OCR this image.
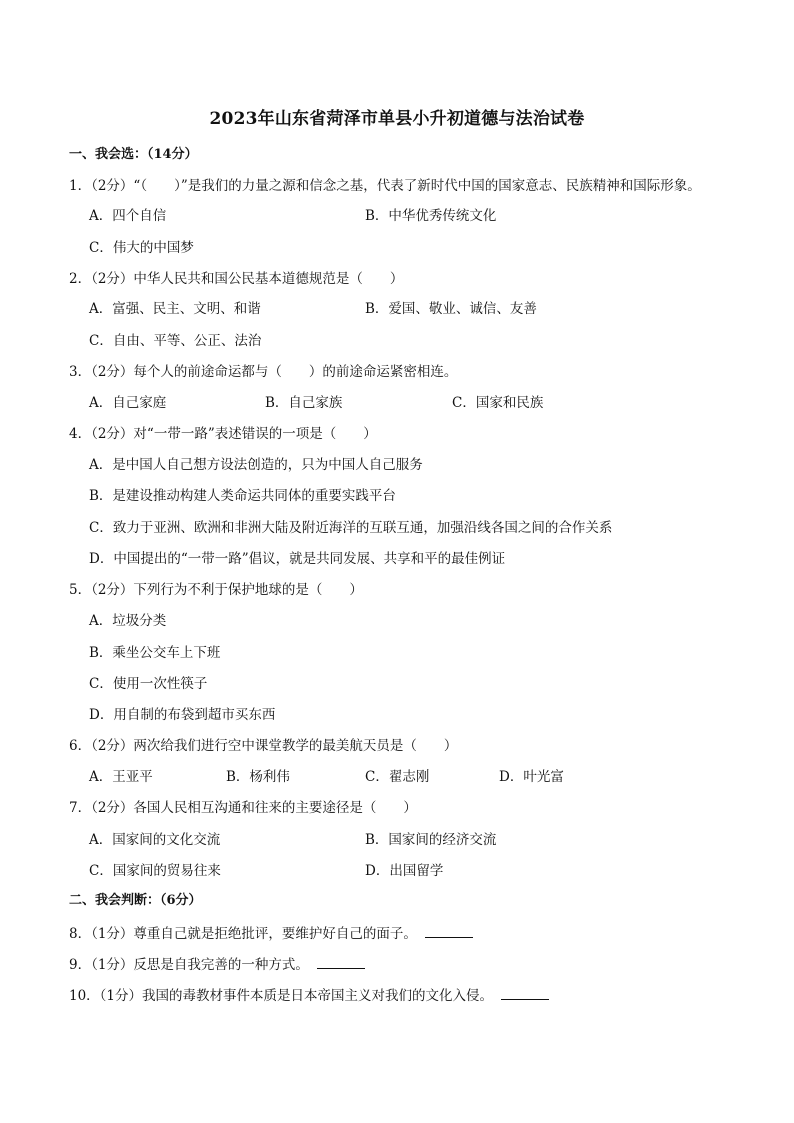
2023年山东省菏泽市单县小升初道德与法治试卷
一、我会选：（14分）
1．（2分）“（　　）”是我们的力量之源和信念之基，代表了新时代中国的国家意志、民族精神和国际形象。
A．四个自信	B．中华优秀传统文化
C．伟大的中国梦
2．（2分）中华人民共和国公民基本道德规范是（　　）
A．富强、民主、文明、和谐	B．爱国、敬业、诚信、友善
C．自由、平等、公正、法治
3．（2分）每个人的前途命运都与（　　）的前途命运紧密相连。
A．自己家庭	B．自己家族	C．国家和民族
4．（2分）对“一带一路”表述错误的一项是（　　）
A．是中国人自己想方设法创造的，只为中国人自己服务
B．是建设推动构建人类命运共同体的重要实践平台
C．致力于亚洲、欧洲和非洲大陆及附近海洋的互联互通，加强沿线各国之间的合作关系
D．中国提出的“一带一路”倡议，就是共同发展、共享和平的最佳例证
5．（2分）下列行为不利于保护地球的是（　　）
A．垃圾分类
B．乘坐公交车上下班
C．使用一次性筷子
D．用自制的布袋到超市买东西
6．（2分）两次给我们进行空中课堂教学的最美航天员是（　　）
A．王亚平	B．杨利伟	C．翟志刚	D．叶光富
7．（2分）各国人民相互沟通和往来的主要途径是（　　）
A．国家间的文化交流	B．国家间的经济交流
C．国家间的贸易往来	D．出国留学
二、我会判断：（6分）
8．（1分）尊重自己就是拒绝批评，要维护好自己的面子。
9．（1分）反思是自我完善的一种方式。
10．（1分）我国的毒教材事件本质是日本帝国主义对我们的文化入侵。
